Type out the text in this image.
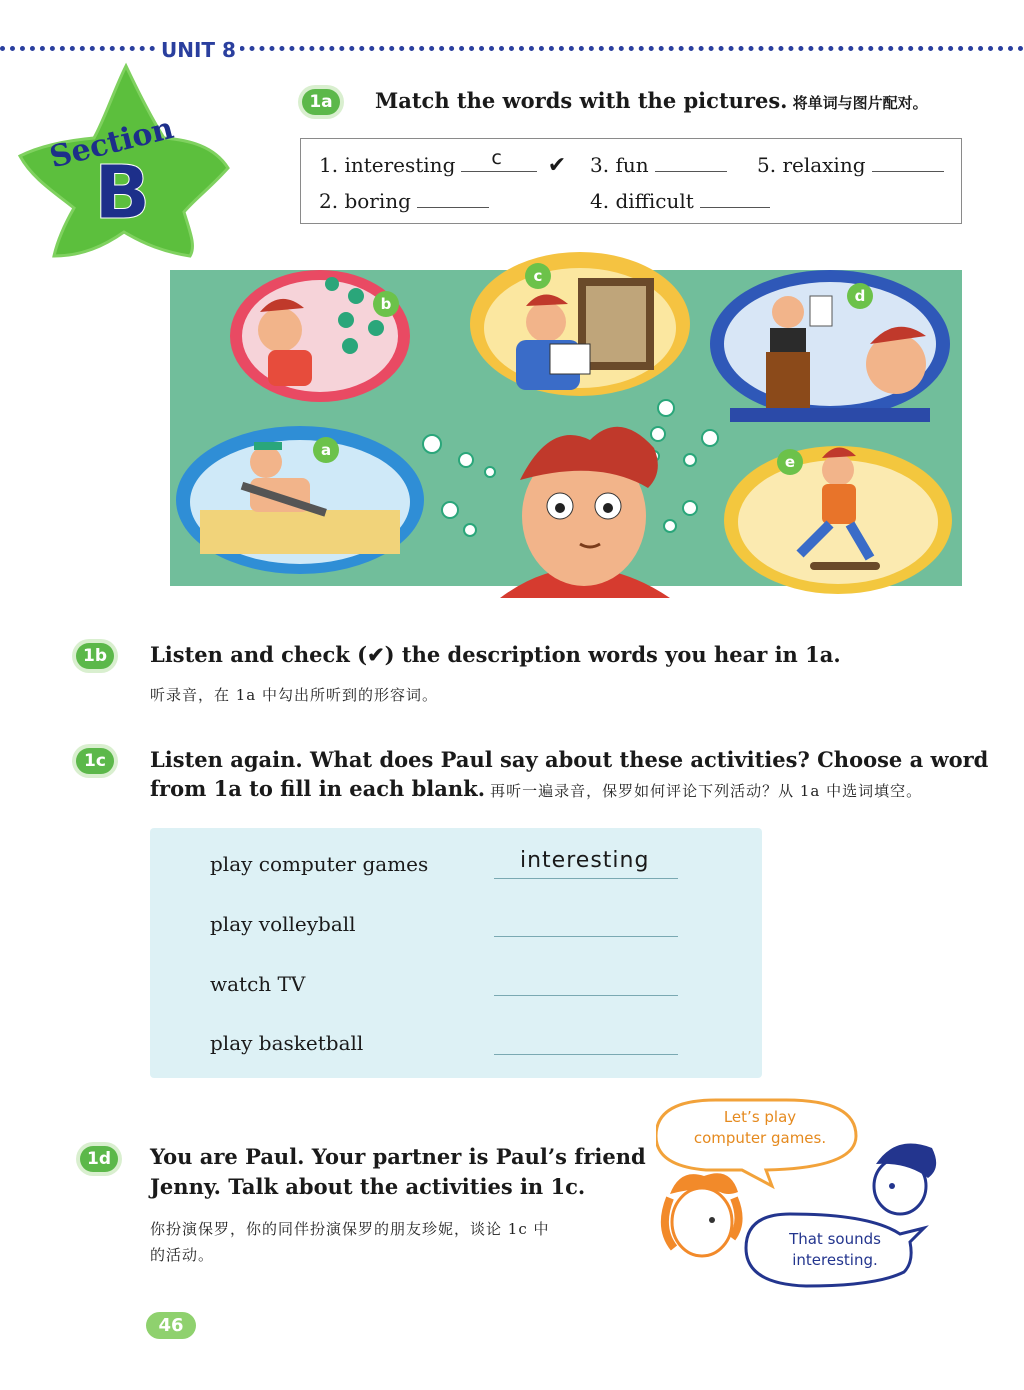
UNIT 8
Section
B
1a	Match the words with the pictures. 将单词与图片配对。
1. interesting c ✔
2. boring
3. fun
4. difficult
5. relaxing
b
c
d
a
e
1b	Listen and check (✔) the description words you hear in 1a.
听录音，在 1a 中勾出所听到的形容词。
1c	Listen again. What does Paul say about these activities? Choose a word
from 1a to fill in each blank. 再听一遍录音，保罗如何评论下列活动？从 1a 中选词填空。
play computer games	interesting
play volleyball
watch TV
play basketball
1d	You are Paul. Your partner is Paul’s friend
Jenny. Talk about the activities in 1c.
你扮演保罗，你的同伴扮演保罗的朋友珍妮，谈论 1c 中
的活动。
Let’s play
computer games.
That sounds
interesting.
46
